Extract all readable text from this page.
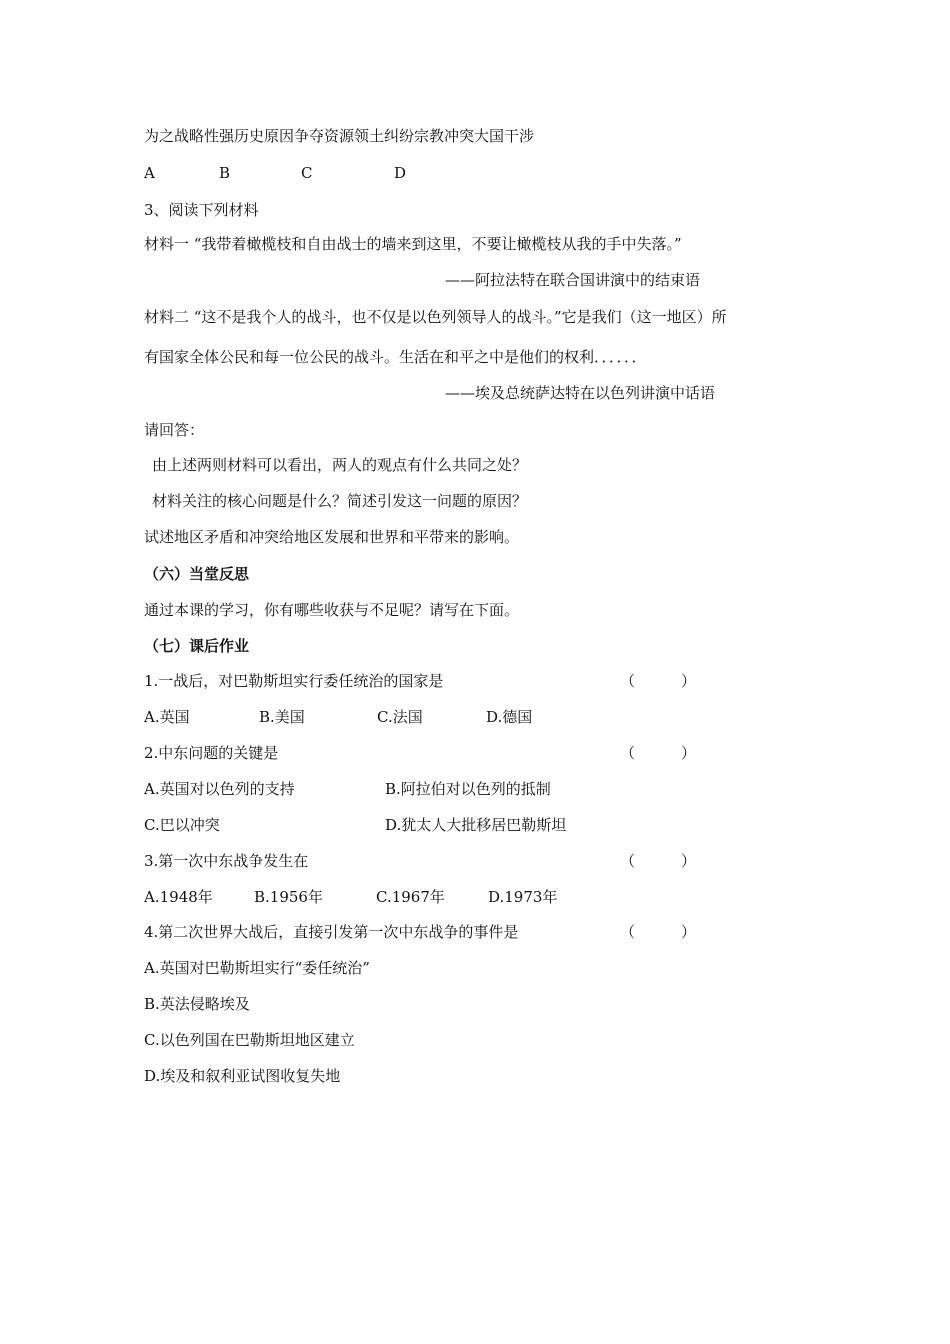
为之战略性强历史原因争夺资源领土纠纷宗教冲突大国干涉
A	B	C	D
3、阅读下列材料
材料一 “我带着橄榄枝和自由战士的墙来到这里，不要让橄榄枝从我的手中失落。”
——阿拉法特在联合国讲演中的结束语
材料二 “这不是我个人的战斗，也不仅是以色列领导人的战斗。”它是我们（这一地区）所
有国家全体公民和每一位公民的战斗。生活在和平之中是他们的权利．．．．．．
——埃及总统萨达特在以色列讲演中话语
请回答：
由上述两则材料可以看出，两人的观点有什么共同之处？
材料关注的核心问题是什么？简述引发这一问题的原因？
试述地区矛盾和冲突给地区发展和世界和平带来的影响。
（六）当堂反思
通过本课的学习，你有哪些收获与不足呢？请写在下面。
（七）课后作业
1.一战后，对巴勒斯坦实行委任统治的国家是	（	）
A.英国	B.美国	C.法国	D.德国
2.中东问题的关键是	（	）
A.英国对以色列的支持	B.阿拉伯对以色列的抵制
C.巴以冲突	D.犹太人大批移居巴勒斯坦
3.第一次中东战争发生在	（	）
A.1948年	B.1956年	C.1967年	D.1973年
4.第二次世界大战后，直接引发第一次中东战争的事件是	（	）
A.英国对巴勒斯坦实行“委任统治”
B.英法侵略埃及
C.以色列国在巴勒斯坦地区建立
D.埃及和叙利亚试图收复失地
